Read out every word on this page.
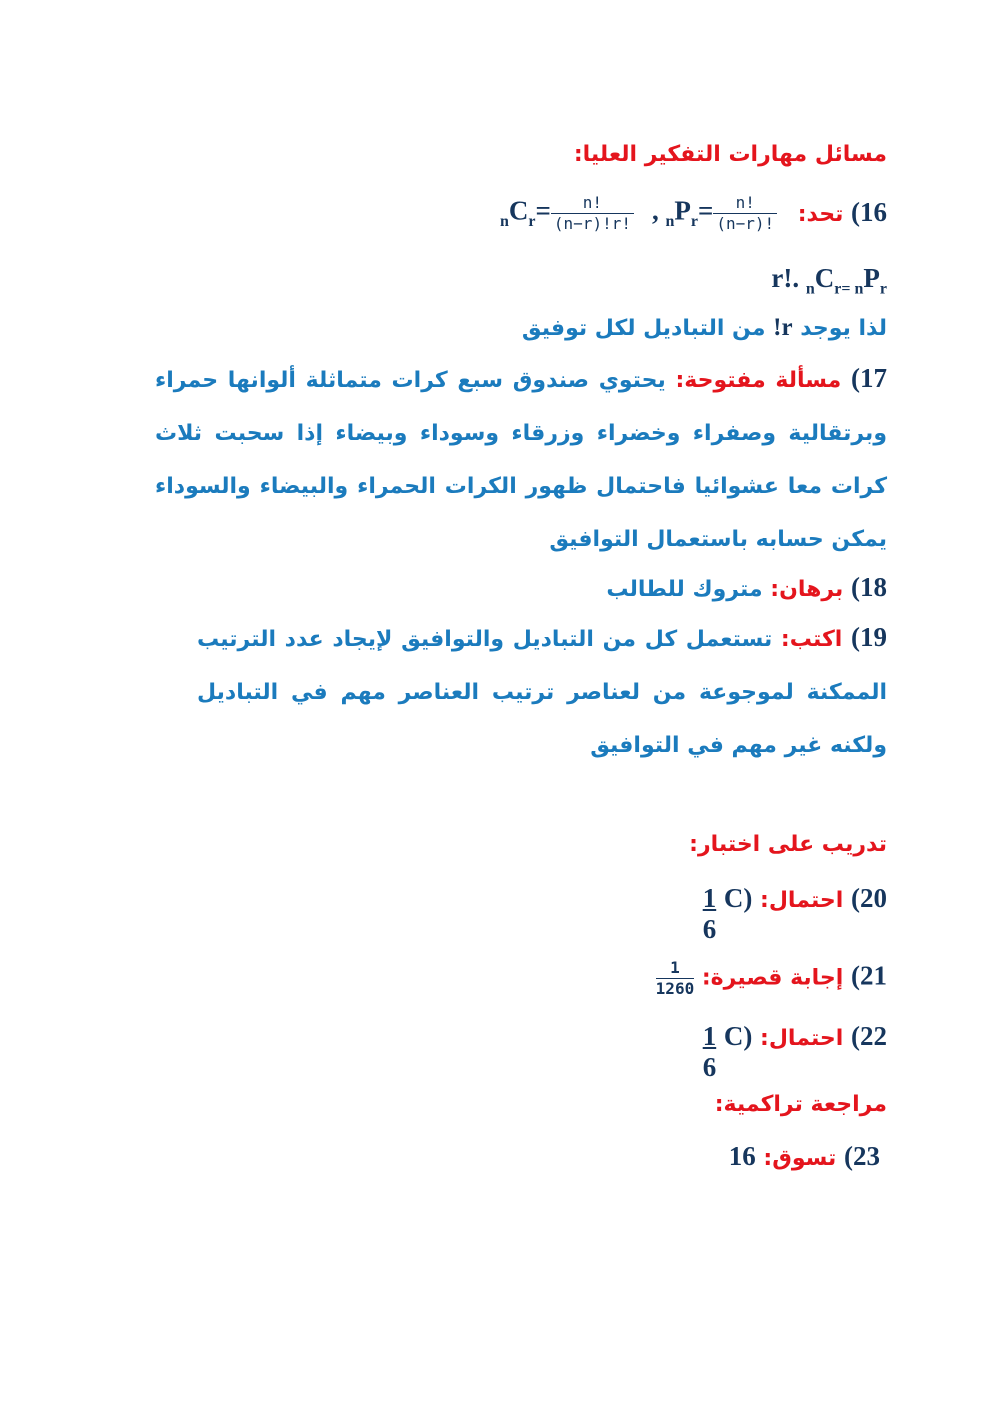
مسائل مهارات التفكير العليا:
16) تحد:
$_nC_r= \frac{n!}{(n-r)!r!}$ , $_nP_r= \frac{n!}{(n-r)!}$
r!. $_nC_{r= n}P_r$
لذا يوجد r! من التباديل لكل توفيق
17) مسألة مفتوحة: يحتوي صندوق سبع كرات متماثلة ألوانها حمراء وبرتقالية وصفراء وخضراء وزرقاء وسوداء وبيضاء إذا سحبت ثلاث كرات معا عشوائيا فاحتمال ظهور الكرات الحمراء والبيضاء والسوداء يمكن حسابه باستعمال التوافيق
18) برهان: متروك للطالب
19) اكتب: تستعمل كل من التباديل والتوافيق لإيجاد عدد الترتيب الممكنة لموجوعة من لعناصر ترتيب العناصر مهم في التباديل ولكنه غير مهم في التوافيق
تدريب على اختبار:
20) احتمال: C)
$\frac{1}{6}$
21) إجابة قصيرة:
$\frac{1}{1260}$
22) احتمال: C)
$\frac{1}{6}$
مراجعة تراكمية:
23) تسوق: 16
